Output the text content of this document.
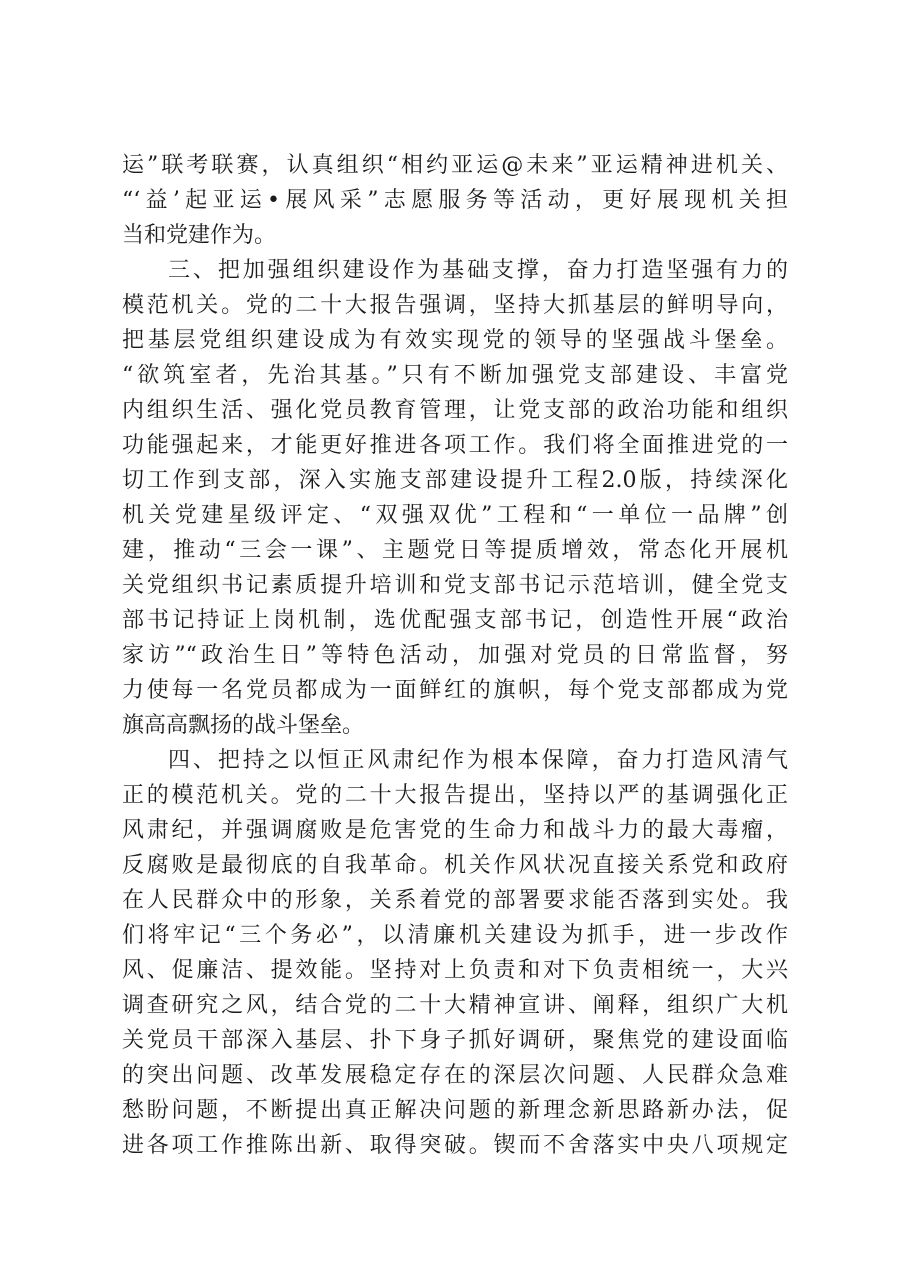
运”联考联赛，认真组织“相约亚运@未来”亚运精神进机关、
“‘益’起亚运•展风采”志愿服务等活动，更好展现机关担
当和党建作为。
三、把加强组织建设作为基础支撑，奋力打造坚强有力的
模范机关。党的二十大报告强调，坚持大抓基层的鲜明导向，
把基层党组织建设成为有效实现党的领导的坚强战斗堡垒。
“欲筑室者，先治其基。”只有不断加强党支部建设、丰富党
内组织生活、强化党员教育管理，让党支部的政治功能和组织
功能强起来，才能更好推进各项工作。我们将全面推进党的一
切工作到支部，深入实施支部建设提升工程2.0版，持续深化
机关党建星级评定、“双强双优”工程和“一单位一品牌”创
建，推动“三会一课”、主题党日等提质增效，常态化开展机
关党组织书记素质提升培训和党支部书记示范培训，健全党支
部书记持证上岗机制，选优配强支部书记，创造性开展“政治
家访”“政治生日”等特色活动，加强对党员的日常监督，努
力使每一名党员都成为一面鲜红的旗帜，每个党支部都成为党
旗高高飘扬的战斗堡垒。
四、把持之以恒正风肃纪作为根本保障，奋力打造风清气
正的模范机关。党的二十大报告提出，坚持以严的基调强化正
风肃纪，并强调腐败是危害党的生命力和战斗力的最大毒瘤，
反腐败是最彻底的自我革命。机关作风状况直接关系党和政府
在人民群众中的形象，关系着党的部署要求能否落到实处。我
们将牢记“三个务必”，以清廉机关建设为抓手，进一步改作
风、促廉洁、提效能。坚持对上负责和对下负责相统一，大兴
调查研究之风，结合党的二十大精神宣讲、阐释，组织广大机
关党员干部深入基层、扑下身子抓好调研，聚焦党的建设面临
的突出问题、改革发展稳定存在的深层次问题、人民群众急难
愁盼问题，不断提出真正解决问题的新理念新思路新办法，促
进各项工作推陈出新、取得突破。锲而不舍落实中央八项规定
